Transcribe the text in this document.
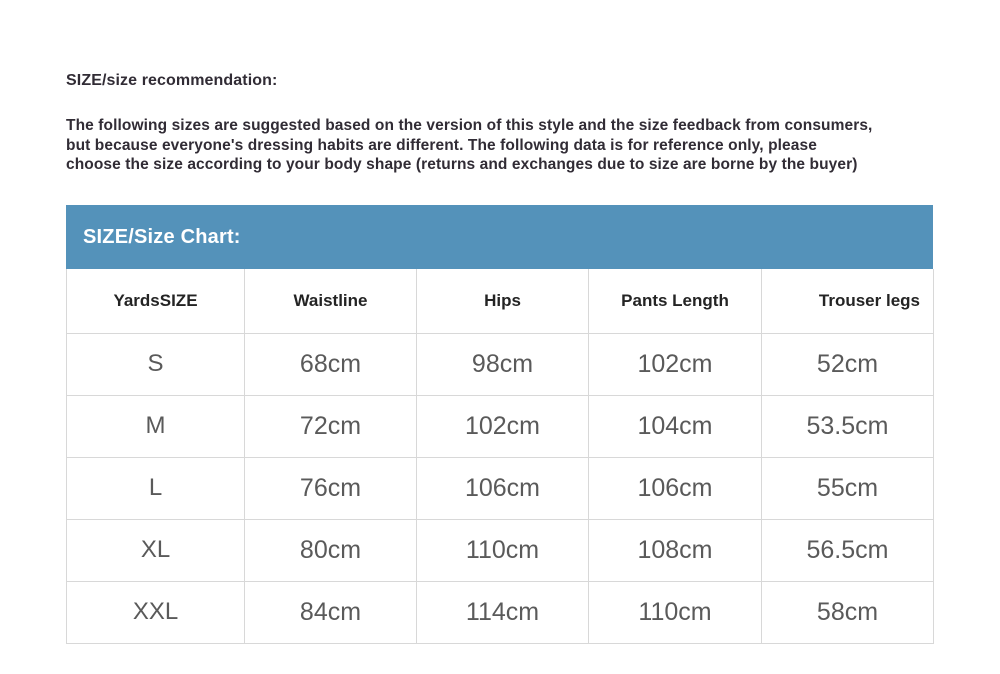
SIZE/size recommendation:
The following sizes are suggested based on the version of this style and the size feedback from consumers,
but because everyone's dressing habits are different. The following data is for reference only, please
choose the size according to your body shape (returns and exchanges due to size are borne by the buyer)
SIZE/Size Chart:
YardsSIZE	Waistline	Hips	Pants Length	Trouser legs
S	68cm	98cm	102cm	52cm
M	72cm	102cm	104cm	53.5cm
L	76cm	106cm	106cm	55cm
XL	80cm	110cm	108cm	56.5cm
XXL	84cm	114cm	110cm	58cm
